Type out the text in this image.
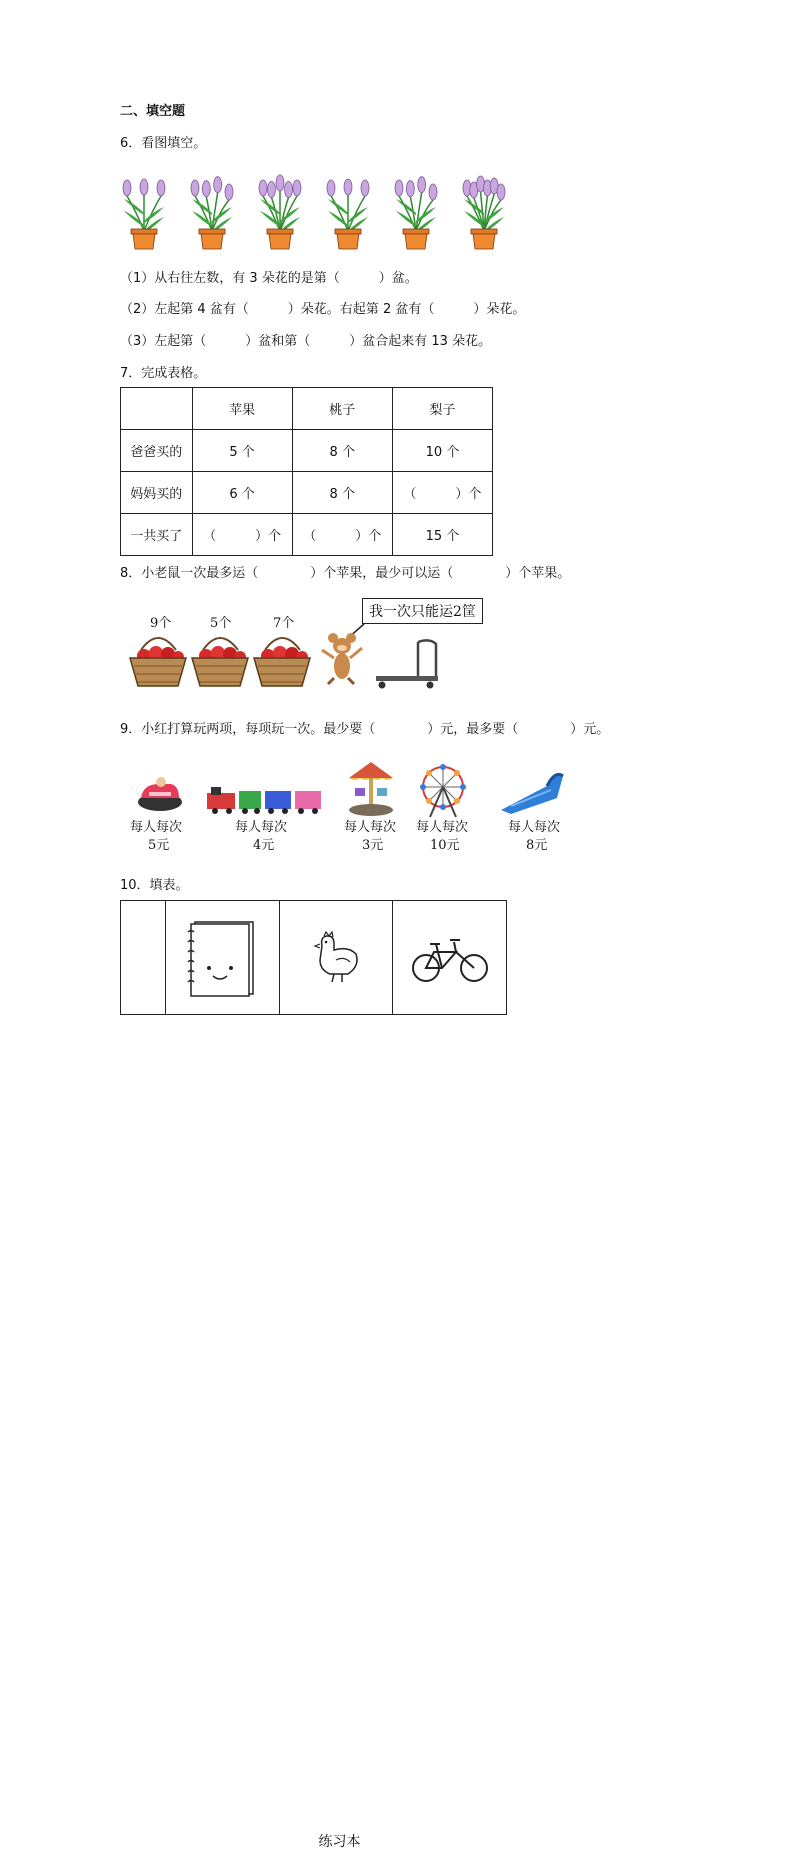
二、填空题
6．看图填空。
（1）从右往左数，有 3 朵花的是第（　　　）盆。
（2）左起第 4 盆有（　　　）朵花。右起第 2 盆有（　　　）朵花。
（3）左起第（　　　）盆和第（　　　）盆合起来有 13 朵花。
7．完成表格。
	苹果	桃子	梨子
爸爸买的	5 个	8 个	10 个
妈妈买的	6 个	8 个	（　　　）个
一共买了	（　　　）个	（　　　）个	15 个
8．小老鼠一次最多运（　　　　）个苹果，最少可以运（　　　　）个苹果。
9个	5个	7个
我一次只能运2筐
9．小红打算玩两项，每项玩一次。最少要（　　　　）元，最多要（　　　　）元。
每人每次
5元
每人每次
4元
每人每次
3元
每人每次
10元
每人每次
8元
10．填表。

练习本
